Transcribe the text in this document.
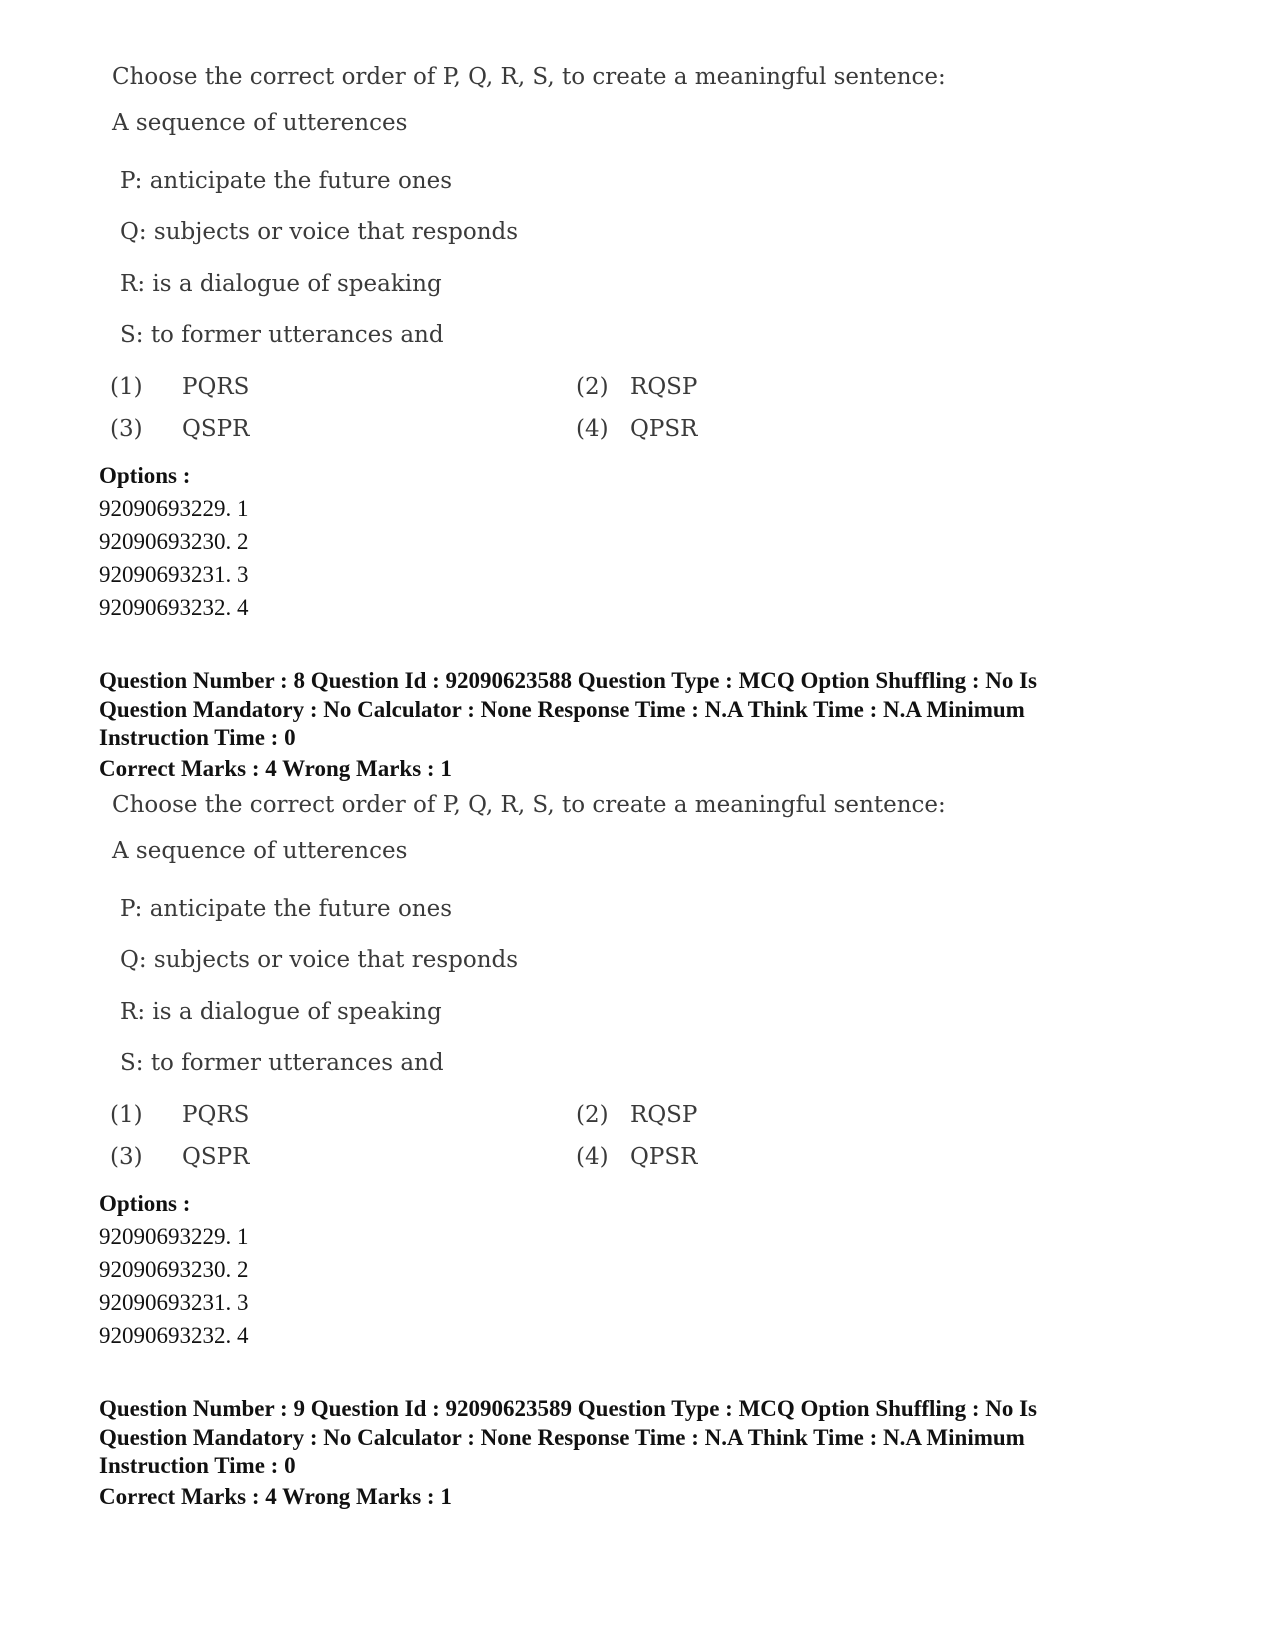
Choose the correct order of P, Q, R, S, to create a meaningful sentence:
A sequence of utterences
P: anticipate the future ones
Q: subjects or voice that responds
R: is a dialogue of speaking
S: to former utterances and
(1) PQRS	(2) RQSP
(3) QSPR	(4) QPSR
Options :
92090693229. 1
92090693230. 2
92090693231. 3
92090693232. 4
Question Number : 8 Question Id : 92090623588 Question Type : MCQ Option Shuffling : No Is
Question Mandatory : No Calculator : None Response Time : N.A Think Time : N.A Minimum
Instruction Time : 0
Correct Marks : 4 Wrong Marks : 1
Choose the correct order of P, Q, R, S, to create a meaningful sentence:
A sequence of utterences
P: anticipate the future ones
Q: subjects or voice that responds
R: is a dialogue of speaking
S: to former utterances and
(1) PQRS	(2) RQSP
(3) QSPR	(4) QPSR
Options :
92090693229. 1
92090693230. 2
92090693231. 3
92090693232. 4
Question Number : 9 Question Id : 92090623589 Question Type : MCQ Option Shuffling : No Is
Question Mandatory : No Calculator : None Response Time : N.A Think Time : N.A Minimum
Instruction Time : 0
Correct Marks : 4 Wrong Marks : 1
